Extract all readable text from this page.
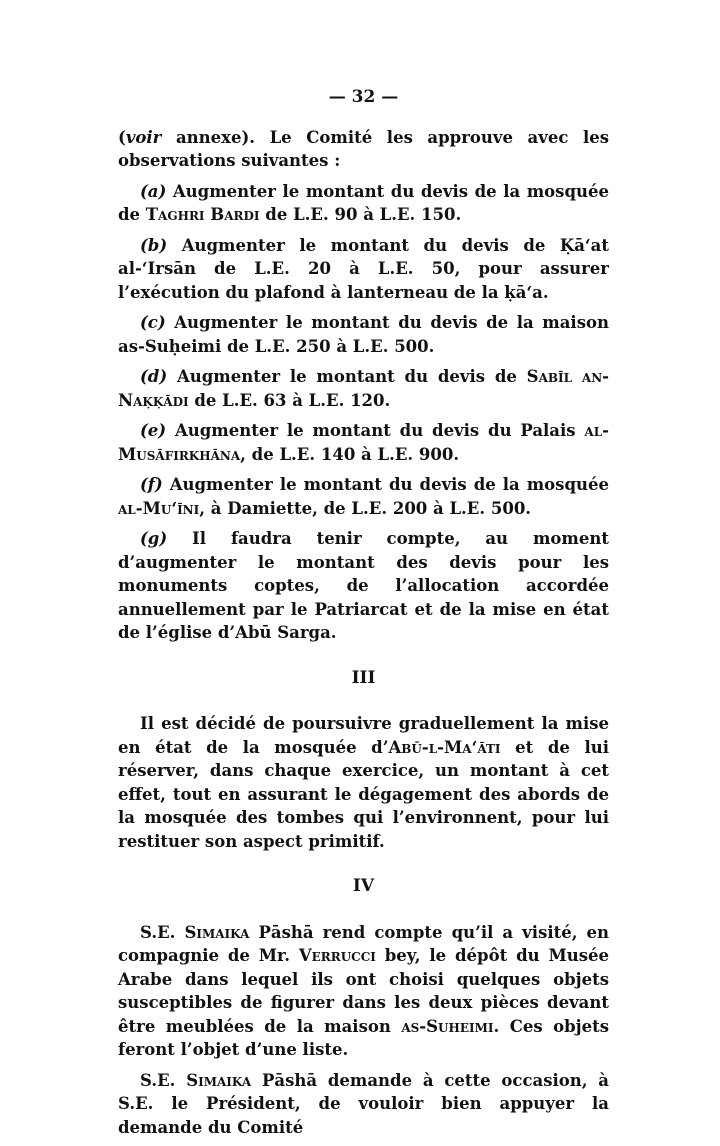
— 32 —

(voir annexe). Le Comité les approuve avec les observations suivantes :

(a) Augmenter le montant du devis de la mosquée de Taghri Bardi de L.E. 90 à L.E. 150.

(b) Augmenter le montant du devis de Ḳā‘at al-‘Irsān de L.E. 20 à L.E. 50, pour assurer l’exécution du plafond à lanterneau de la ḳā‘a.

(c) Augmenter le montant du devis de la maison as-Suḥeimi de L.E. 250 à L.E. 500.

(d) Augmenter le montant du devis de Sabīl an-Naḳḳādi de L.E. 63 à L.E. 120.

(e) Augmenter le montant du devis du Palais al-Musāfirkhāna, de L.E. 140 à L.E. 900.

(f) Augmenter le montant du devis de la mosquée al-Mu‘īni, à Damiette, de L.E. 200 à L.E. 500.

(g) Il faudra tenir compte, au moment d’augmenter le montant des devis pour les monuments coptes, de l’allocation accordée annuellement par le Patriarcat et de la mise en état de l’église d’Abū Sarga.

III

Il est décidé de poursuivre graduellement la mise en état de la mosquée d’Abū-l-Ma‘āti et de lui réserver, dans chaque exercice, un montant à cet effet, tout en assurant le dégagement des abords de la mosquée des tombes qui l’environnent, pour lui restituer son aspect primitif.

IV

S.E. Simaika Pāshā rend compte qu’il a visité, en compagnie de Mr. Verrucci bey, le dépôt du Musée Arabe dans lequel ils ont choisi quelques objets susceptibles de figurer dans les deux pièces devant être meublées de la maison as-Suheimi. Ces objets feront l’objet d’une liste.

S.E. Simaika Pāshā demande à cette occasion, à S.E. le Président, de vouloir bien appuyer la demande du Comité
